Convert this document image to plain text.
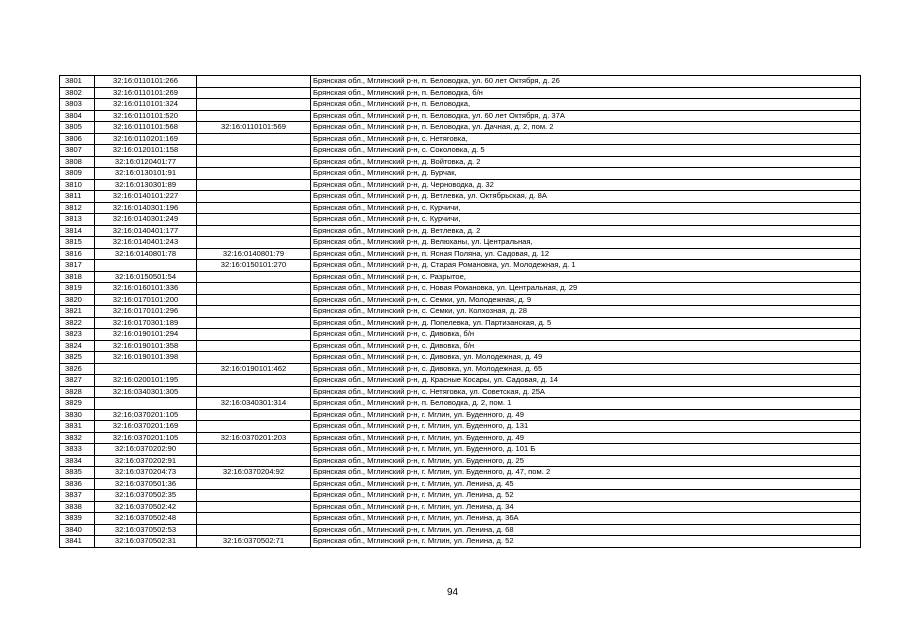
3801	32:16:0110101:266		Брянская обл., Мглинский р-н, п. Беловодка, ул. 60 лет Октября, д. 26
3802	32:16:0110101:269		Брянская обл., Мглинский р-н, п. Беловодка, б/н
3803	32:16:0110101:324		Брянская обл., Мглинский р-н, п. Беловодка,
3804	32:16:0110101:520		Брянская обл., Мглинский р-н, п. Беловодка, ул. 60 лет Октября, д. 37А
3805	32:16:0110101:568	32:16:0110101:569	Брянская обл., Мглинский р-н, п. Беловодка, ул. Дачная, д. 2, пом. 2
3806	32:16:0110201:169		Брянская обл., Мглинский р-н, с. Нетяговка,
3807	32:16:0120101:158		Брянская обл., Мглинский р-н, с. Соколовка, д. 5
3808	32:16:0120401:77		Брянская обл., Мглинский р-н, д. Войтовка, д. 2
3809	32:16:0130101:91		Брянская обл., Мглинский р-н, д. Бурчак,
3810	32:16:0130301:89		Брянская обл., Мглинский р-н, д. Черноводка, д. 32
3811	32:16:0140101:227		Брянская обл., Мглинский р-н, д. Ветлевка, ул. Октябрьская, д. 8А
3812	32:16:0140301:196		Брянская обл., Мглинский р-н, с. Курчичи,
3813	32:16:0140301:249		Брянская обл., Мглинский р-н, с. Курчичи,
3814	32:16:0140401:177		Брянская обл., Мглинский р-н, д. Ветлевка, д. 2
3815	32:16:0140401:243		Брянская обл., Мглинский р-н, д. Велюханы, ул. Центральная,
3816	32:16:0140801:78	32:16:0140801:79	Брянская обл., Мглинский р-н, п. Ясная Поляна, ул. Садовая, д. 12
3817		32:16:0150101:270	Брянская обл., Мглинский р-н, д. Старая Романовка, ул. Молодежная, д. 1
3818	32:16:0150501:54		Брянская обл., Мглинский р-н, с. Разрытое,
3819	32:16:0160101:336		Брянская обл., Мглинский р-н, с. Новая Романовка, ул. Центральная, д. 29
3820	32:16:0170101:200		Брянская обл., Мглинский р-н, с. Семки, ул. Молодежная, д. 9
3821	32:16:0170101:296		Брянская обл., Мглинский р-н, с. Семки, ул. Колхозная, д. 28
3822	32:16:0170301:189		Брянская обл., Мглинский р-н, д. Попелевка, ул. Партизанская, д. 5
3823	32:16:0190101:294		Брянская обл., Мглинский р-н, с. Дивовка, б/н
3824	32:16:0190101:358		Брянская обл., Мглинский р-н, с. Дивовка, б/н
3825	32:16:0190101:398		Брянская обл., Мглинский р-н, с. Дивовка, ул. Молодежная, д. 49
3826		32:16:0190101:462	Брянская обл., Мглинский р-н, с. Дивовка, ул. Молодежная, д. 65
3827	32:16:0200101:195		Брянская обл., Мглинский р-н, д. Красные Косары, ул. Садовая, д. 14
3828	32:16:0340301:305		Брянская обл., Мглинский р-н, с. Нетяговка, ул. Советская, д. 25А
3829		32:16:0340301:314	Брянская обл., Мглинский р-н, п. Беловодка, д. 2, пом. 1
3830	32:16:0370201:105		Брянская обл., Мглинский р-н, г. Мглин, ул. Буденного, д. 49
3831	32:16:0370201:169		Брянская обл., Мглинский р-н, г. Мглин, ул. Буденного, д. 131
3832	32:16:0370201:105	32:16:0370201:203	Брянская обл., Мглинский р-н, г. Мглин, ул. Буденного, д. 49
3833	32:16:0370202:90		Брянская обл., Мглинский р-н, г. Мглин, ул. Буденного, д. 101 Б
3834	32:16:0370202:91		Брянская обл., Мглинский р-н, г. Мглин, ул. Буденного, д. 25
3835	32:16:0370204:73	32:16:0370204:92	Брянская обл., Мглинский р-н, г. Мглин, ул. Буденного, д. 47, пом. 2
3836	32:16:0370501:36		Брянская обл., Мглинский р-н, г. Мглин, ул. Ленина, д. 45
3837	32:16:0370502:35		Брянская обл., Мглинский р-н, г. Мглин, ул. Ленина, д. 52
3838	32:16:0370502:42		Брянская обл., Мглинский р-н, г. Мглин, ул. Ленина, д. 34
3839	32:16:0370502:48		Брянская обл., Мглинский р-н, г. Мглин, ул. Ленина, д. 36А
3840	32:16:0370502:53		Брянская обл., Мглинский р-н, г. Мглин, ул. Ленина, д. 68
3841	32:16:0370502:31	32:16:0370502:71	Брянская обл., Мглинский р-н, г. Мглин, ул. Ленина, д. 52
94
